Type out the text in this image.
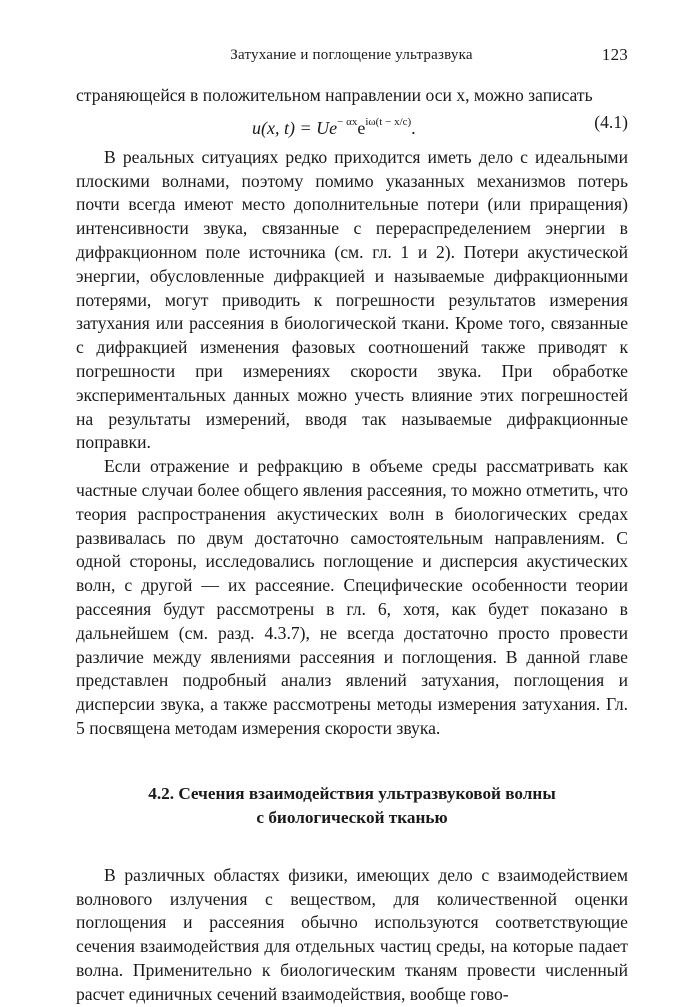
Затухание и поглощение ультразвука	123

страняющейся в положительном направлении оси x, можно записать

u(x, $t) = Ue^{- \alpha x}e^{i\omega(t - x/c)}$.	(4.1)

В реальных ситуациях редко приходится иметь дело с идеальными плоскими волнами, поэтому помимо указанных механизмов потерь почти всегда имеют место дополнительные потери (или приращения) интенсивности звука, связанные с перераспределением энергии в дифракционном поле источника (см. гл. 1 и 2). Потери акустической энергии, обусловленные дифракцией и называемые дифракционными потерями, могут приводить к погрешности результатов измерения затухания или рассеяния в биологической ткани. Кроме того, связанные с дифракцией изменения фазовых соотношений также приводят к погрешности при измерениях скорости звука. При обработке экспериментальных данных можно учесть влияние этих погрешностей на результаты измерений, вводя так называемые дифракционные поправки.

Если отражение и рефракцию в объеме среды рассматривать как частные случаи более общего явления рассеяния, то можно отметить, что теория распространения акустических волн в биологических средах развивалась по двум достаточно самостоятельным направлениям. С одной стороны, исследовались поглощение и дисперсия акустических волн, с другой — их рассеяние. Специфические особенности теории рассеяния будут рассмотрены в гл. 6, хотя, как будет показано в дальнейшем (см. разд. 4.3.7), не всегда достаточно просто провести различие между явлениями рассеяния и поглощения. В данной главе представлен подробный анализ явлений затухания, поглощения и дисперсии звука, а также рассмотрены методы измерения затухания. Гл. 5 посвящена методам измерения скорости звука.

4.2. Сечения взаимодействия ультразвуковой волны
с биологической тканью

В различных областях физики, имеющих дело с взаимодействием волнового излучения с веществом, для количественной оценки поглощения и рассеяния обычно используются соответствующие сечения взаимодействия для отдельных частиц среды, на которые падает волна. Применительно к биологическим тканям провести численный расчет единичных сечений взаимодействия, вообще гово-
